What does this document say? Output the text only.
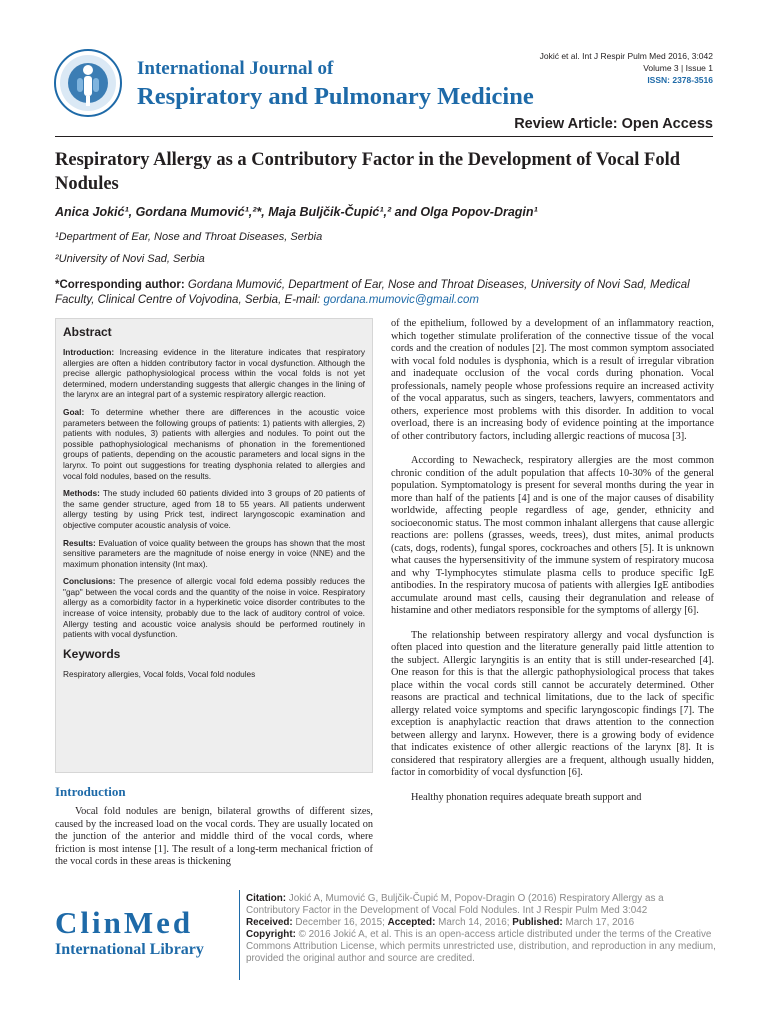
International Journal of
Respiratory and Pulmonary Medicine
Jokić et al. Int J Respir Pulm Med 2016, 3:042
Volume 3 | Issue 1
ISSN: 2378-3516
Review Article: Open Access
Respiratory Allergy as a Contributory Factor in the Development of Vocal Fold Nodules
Anica Jokić¹, Gordana Mumović¹,²*, Maja Buljčik-Čupić¹,² and Olga Popov-Dragin¹
¹Department of Ear, Nose and Throat Diseases, Serbia
²University of Novi Sad, Serbia
*Corresponding author: Gordana Mumović, Department of Ear, Nose and Throat Diseases, University of Novi Sad, Medical Faculty, Clinical Centre of Vojvodina, Serbia, E-mail: gordana.mumovic@gmail.com
Abstract

Introduction: Increasing evidence in the literature indicates that respiratory allergies are often a hidden contributory factor in vocal dysfunction. Although the precise allergic pathophysiological process within the vocal folds is not yet determined, modern understanding suggests that allergic changes in the lining of the larynx are an integral part of a systemic respiratory allergic reaction.

Goal: To determine whether there are differences in the acoustic voice parameters between the following groups of patients: 1) patients with allergies, 2) patients with nodules, 3) patients with allergies and nodules. To point out the possible pathophysiological mechanisms of phonation in the forementioned groups of patients, depending on the acoustic parameters and local signs in the larynx. To point out suggestions for treating dysphonia related to allergies and vocal fold nodules, based on the results.

Methods: The study included 60 patients divided into 3 groups of 20 patients of the same gender structure, aged from 18 to 55 years. All patients underwent allergy testing by using Prick test, indirect laryngoscopic examination and objective computer acoustic analysis of voice.

Results: Evaluation of voice quality between the groups has shown that the most sensitive parameters are the magnitude of noise energy in voice (NNE) and the maximum phonation intensity (Int max).

Conclusions: The presence of allergic vocal fold edema possibly reduces the "gap" between the vocal cords and the quantity of the noise in voice. Respiratory allergy as a comorbidity factor in a hyperkinetic voice disorder contributes to the increase of voice intensity, probably due to the lack of auditory control of voice. Allergy testing and acoustic voice analysis should be performed routinely in patients with vocal dysfunction.

Keywords

Respiratory allergies, Vocal folds, Vocal fold nodules

Introduction
Vocal fold nodules are benign, bilateral growths of different sizes, caused by the increased load on the vocal cords. They are usually located on the junction of the anterior and middle third of the vocal cords, where friction is most intense [1]. The result of a long-term mechanical friction of the vocal cords in these areas is thickening

of the epithelium, followed by a development of an inflammatory reaction, which together stimulate proliferation of the connective tissue of the vocal cords and the creation of nodules [2]. The most common symptom associated with vocal fold nodules is dysphonia, which is a result of irregular vibration and inadequate occlusion of the vocal cords during phonation. Vocal professionals, namely people whose professions require an increased activity of the vocal apparatus, such as singers, teachers, lawyers, commentators and others, experience most problems with this disorder. In addition to vocal overload, there is an increasing body of evidence pointing at the importance of other contributory factors, including allergic reactions of mucosa [3].

According to Newacheck, respiratory allergies are the most common chronic condition of the adult population that affects 10-30% of the general population. Symptomatology is present for several months during the year in more than half of the patients [4] and is one of the major causes of disability worldwide, affecting people regardless of age, gender, ethnicity and socioeconomic status. The most common inhalant allergens that cause allergic reactions are: pollens (grasses, weeds, trees), dust mites, animal products (cats, dogs, rodents), fungal spores, cockroaches and others [5]. It is unknown what causes the hypersensitivity of the immune system of respiratory mucosa and why T-lymphocytes stimulate plasma cells to produce specific IgE antibodies. In the respiratory mucosa of patients with allergies IgE antibodies accumulate around mast cells, causing their degranulation and release of histamine and other mediators responsible for the symptoms of allergy [6].

The relationship between respiratory allergy and vocal dysfunction is often placed into question and the literature generally paid little attention to the subject. Allergic laryngitis is an entity that is still under-researched [4]. One reason for this is that the allergic pathophysiological process that takes place within the vocal cords still cannot be accurately determined. Other reasons are practical and technical limitations, due to the lack of specific allergy related voice symptoms and specific laryngoscopic findings [7]. The exception is anaphylactic reaction that draws attention to the connection between allergy and larynx. However, there is a growing body of evidence that indicates existence of other allergic reactions of the larynx [8]. It is considered that respiratory allergies are a frequent, although usually hidden, factor in comorbidity of vocal dysfunction [6].

Healthy phonation requires adequate breath support and

ClinMed
International Library
Citation: Jokić A, Mumović G, Buljčik-Čupić M, Popov-Dragin O (2016) Respiratory Allergy as a Contributory Factor in the Development of Vocal Fold Nodules. Int J Respir Pulm Med 3:042
Received: December 16, 2015; Accepted: March 14, 2016; Published: March 17, 2016
Copyright: © 2016 Jokić A, et al. This is an open-access article distributed under the terms of the Creative Commons Attribution License, which permits unrestricted use, distribution, and reproduction in any medium, provided the original author and source are credited.
